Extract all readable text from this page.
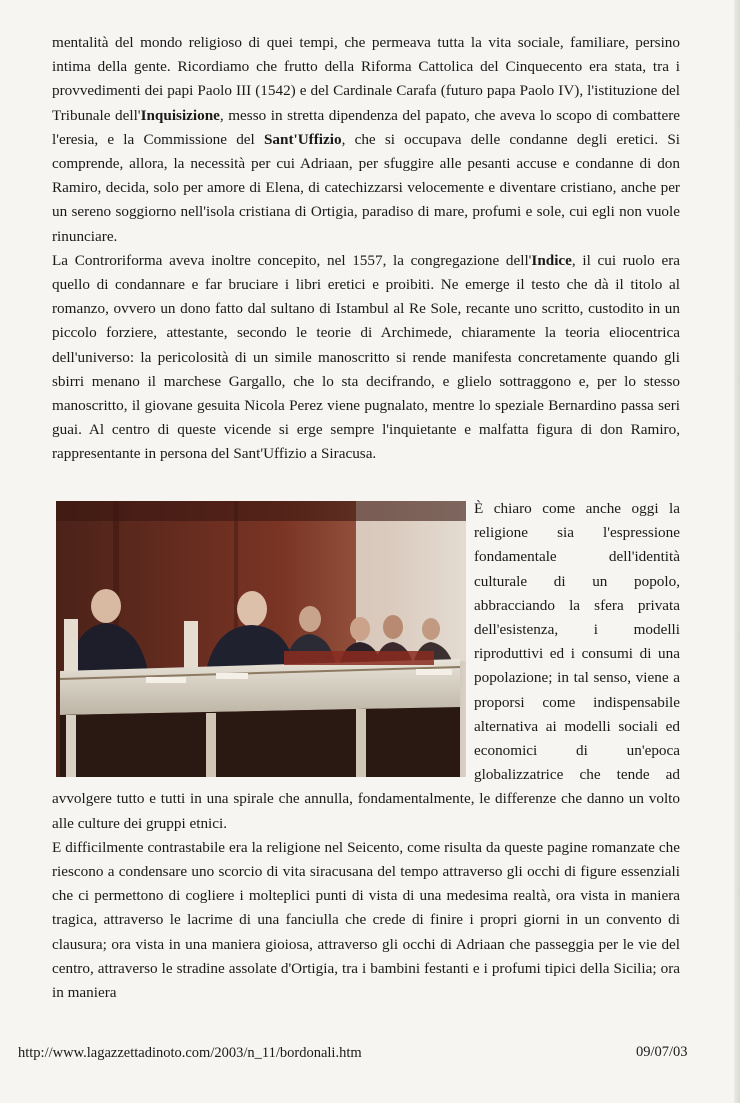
mentalità del mondo religioso di quei tempi, che permeava tutta la vita sociale, familiare, persino intima della gente. Ricordiamo che frutto della Riforma Cattolica del Cinquecento era stata, tra i provvedimenti dei papi Paolo III (1542) e del Cardinale Carafa (futuro papa Paolo IV), l'istituzione del Tribunale dell'Inquisizione, messo in stretta dipendenza del papato, che aveva lo scopo di combattere l'eresia, e la Commissione del Sant'Uffizio, che si occupava delle condanne degli eretici. Si comprende, allora, la necessità per cui Adriaan, per sfuggire alle pesanti accuse e condanne di don Ramiro, decida, solo per amore di Elena, di catechizzarsi velocemente e diventare cristiano, anche per un sereno soggiorno nell'isola cristiana di Ortigia, paradiso di mare, profumi e sole, cui egli non vuole rinunciare.

La Controriforma aveva inoltre concepito, nel 1557, la congregazione dell'Indice, il cui ruolo era quello di condannare e far bruciare i libri eretici e proibiti. Ne emerge il testo che dà il titolo al romanzo, ovvero un dono fatto dal sultano di Istambul al Re Sole, recante uno scritto, custodito in un piccolo forziere, attestante, secondo le teorie di Archimede, chiaramente la teoria eliocentrica dell'universo: la pericolosità di un simile manoscritto si rende manifesta concretamente quando gli sbirri menano il marchese Gargallo, che lo sta decifrando, e glielo sottraggono e, per lo stesso manoscritto, il giovane gesuita Nicola Perez viene pugnalato, mentre lo speziale Bernardino passa seri guai. Al centro di queste vicende si erge sempre l'inquietante e malfatta figura di don Ramiro, rappresentante in persona del Sant'Uffizio a Siracusa.

È chiaro come anche oggi la religione sia l'espressione fondamentale dell'identità culturale di un popolo, abbracciando la sfera privata dell'esistenza, i modelli riproduttivi ed i consumi di una popolazione; in tal senso, viene a proporsi come indispensabile alternativa ai modelli sociali ed economici di un'epoca globalizzatrice che tende ad avvolgere tutto e tutti in una spirale che annulla, fondamentalmente, le differenze che danno un volto alle culture dei gruppi etnici.

E difficilmente contrastabile era la religione nel Seicento, come risulta da queste pagine romanzate che riescono a condensare uno scorcio di vita siracusana del tempo attraverso gli occhi di figure essenziali che ci permettono di cogliere i molteplici punti di vista di una medesima realtà, ora vista in maniera tragica, attraverso le lacrime di una fanciulla che crede di finire i propri giorni in un convento di clausura; ora vista in una maniera gioiosa, attraverso gli occhi di Adriaan che passeggia per le vie del centro, attraverso le stradine assolate d'Ortigia, tra i bambini festanti e i profumi tipici della Sicilia; ora in maniera

http://www.lagazzettadinoto.com/2003/n_11/bordonali.htm	09/07/03
